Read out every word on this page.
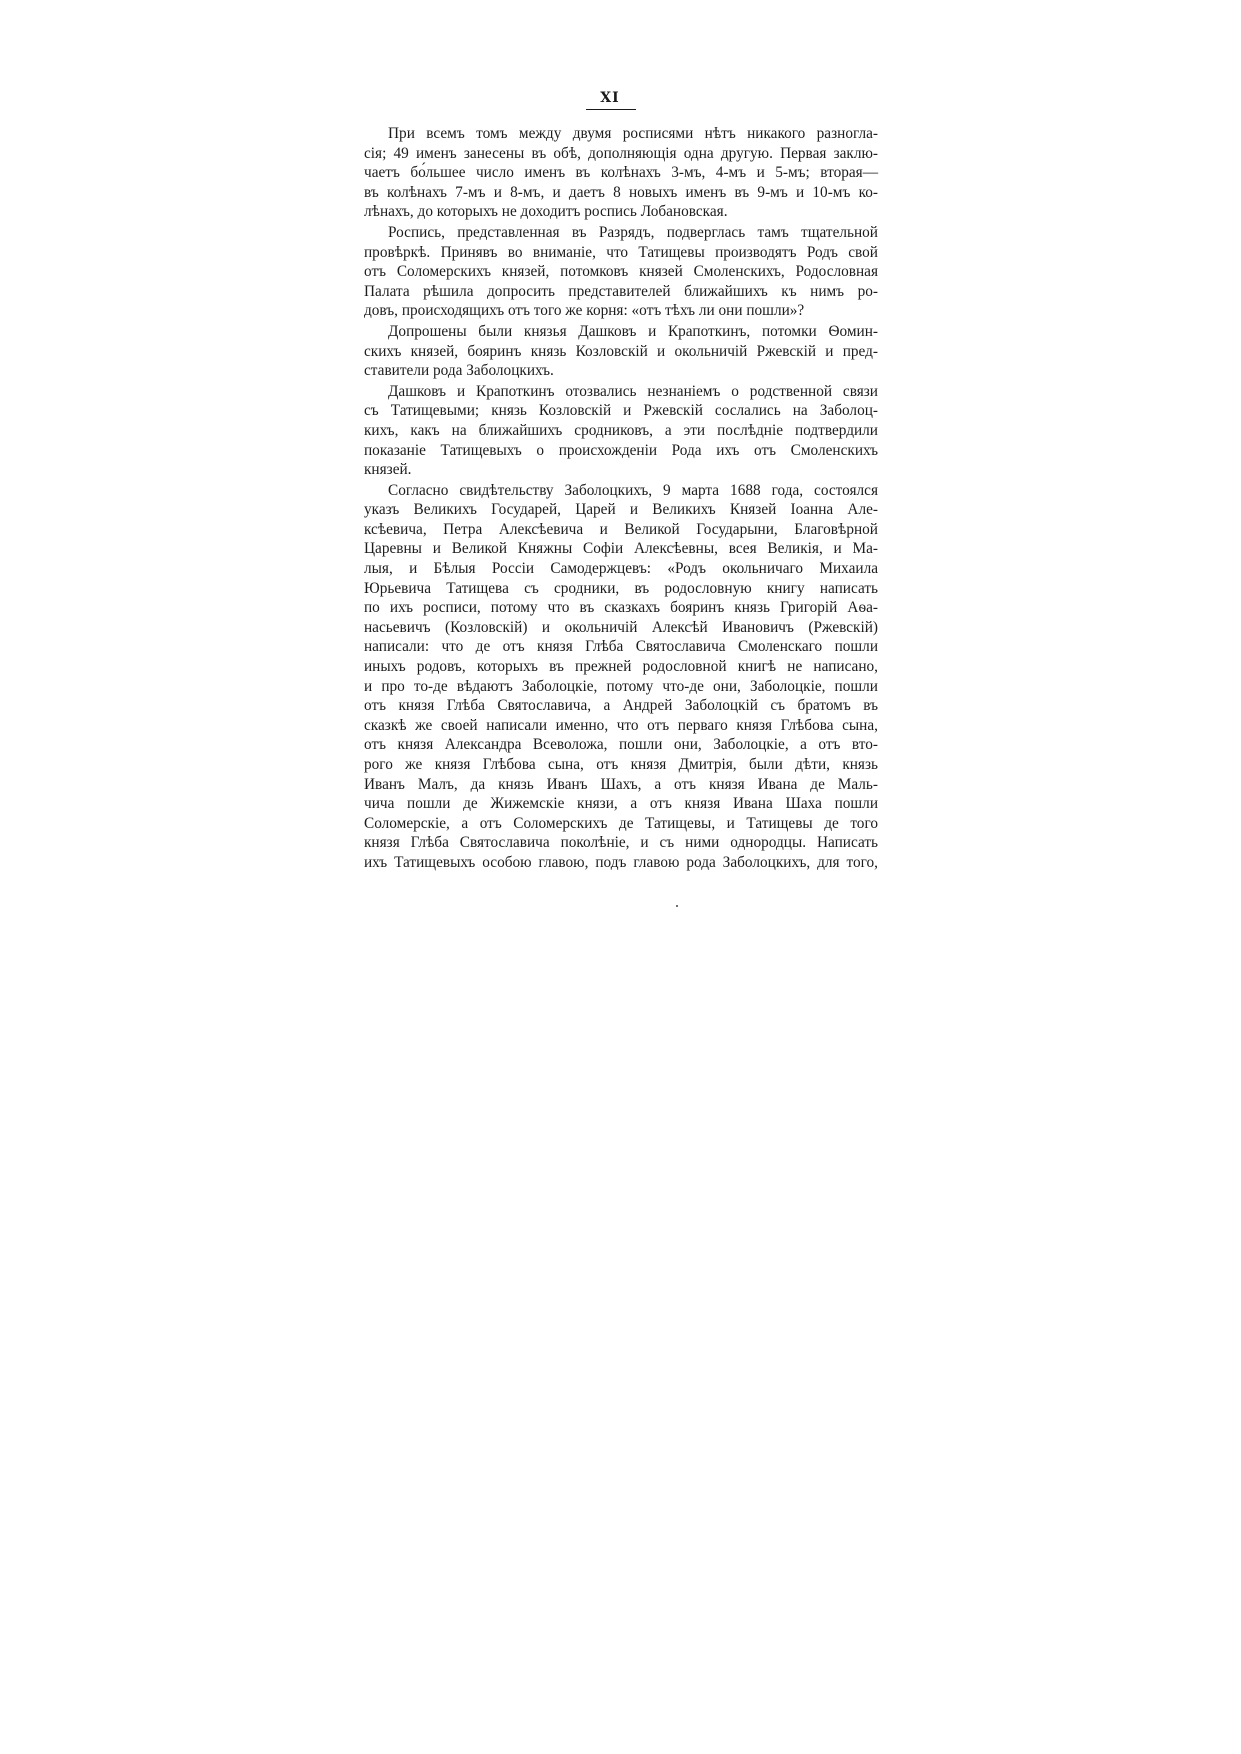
XI
При всемъ томъ между двумя росписями нѣтъ никакого разногла-
сія; 49 именъ занесены въ обѣ, дополняющія одна другую. Первая заклю-
чаетъ бо́льшее число именъ въ колѣнахъ 3-мъ, 4-мъ и 5-мъ; вторая—
въ колѣнахъ 7-мъ и 8-мъ, и даетъ 8 новыхъ именъ въ 9-мъ и 10-мъ ко-
лѣнахъ, до которыхъ не доходитъ роспись Лобановская.
Роспись, представленная въ Разрядъ, подверглась тамъ тщательной
провѣркѣ. Принявъ во вниманіе, что Татищевы производятъ Родъ свой
отъ Соломерскихъ князей, потомковъ князей Смоленскихъ, Родословная
Палата рѣшила допросить представителей ближайшихъ къ нимъ ро-
довъ, происходящихъ отъ того же корня: «отъ тѣхъ ли они пошли»?
Допрошены были князья Дашковъ и Крапоткинъ, потомки Ѳомин-
скихъ князей, бояринъ князь Козловскій и окольничій Ржевскій и пред-
ставители рода Заболоцкихъ.
Дашковъ и Крапоткинъ отозвались незнаніемъ о родственной связи
съ Татищевыми; князь Козловскій и Ржевскій сослались на Заболоц-
кихъ, какъ на ближайшихъ сродниковъ, а эти послѣдніе подтвердили
показаніе Татищевыхъ о происхожденіи Рода ихъ отъ Смоленскихъ
князей.
Согласно свидѣтельству Заболоцкихъ, 9 марта 1688 года, состоялся
указъ Великихъ Государей, Царей и Великихъ Князей Іоанна Але-
ксѣевича, Петра Алексѣевича и Великой Государыни, Благовѣрной
Царевны и Великой Княжны Софіи Алексѣевны, всея Великія, и Ма-
лыя, и Бѣлыя Россіи Самодержцевъ: «Родъ окольничаго Михаила
Юрьевича Татищева съ сродники, въ родословную книгу написать
по ихъ росписи, потому что въ сказкахъ бояринъ князь Григорій Аѳа-
насьевичъ (Козловскій) и окольничій Алексѣй Ивановичъ (Ржевскій)
написали: что де отъ князя Глѣба Святославича Смоленскаго пошли
иныхъ родовъ, которыхъ въ прежней родословной книгѣ не написано,
и про то-де вѣдаютъ Заболоцкіе, потому что-де они, Заболоцкіе, пошли
отъ князя Глѣба Святославича, а Андрей Заболоцкій съ братомъ въ
сказкѣ же своей написали именно, что отъ перваго князя Глѣбова сына,
отъ князя Александра Всеволожа, пошли они, Заболоцкіе, а отъ вто-
рого же князя Глѣбова сына, отъ князя Дмитрія, были дѣти, князь
Иванъ Малъ, да князь Иванъ Шахъ, а отъ князя Ивана де Маль-
чича пошли де Жижемскіе князи, а отъ князя Ивана Шаха пошли
Соломерскіе, а отъ Соломерскихъ де Татищевы, и Татищевы де того
князя Глѣба Святославича поколѣніе, и съ ними однородцы. Написать
ихъ Татищевыхъ особою главою, подъ главою рода Заболоцкихъ, для того,
